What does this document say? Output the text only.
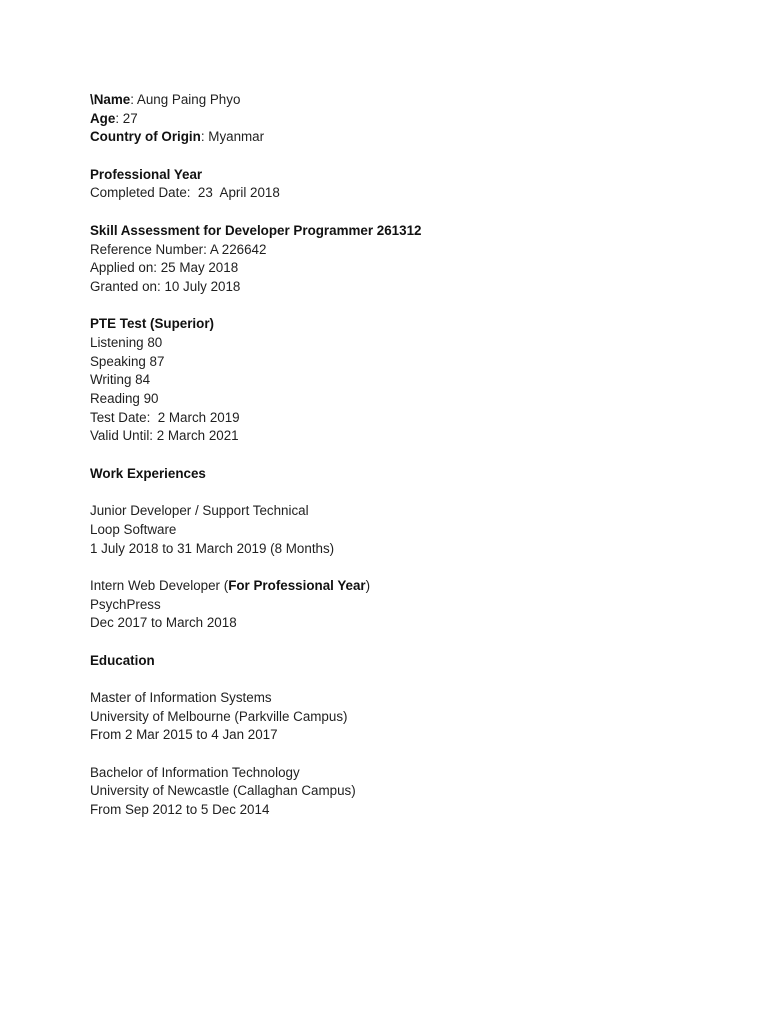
\Name: Aung Paing Phyo
Age: 27
Country of Origin: Myanmar
Professional Year
Completed Date:  23  April 2018
Skill Assessment for Developer Programmer 261312
Reference Number: A 226642
Applied on: 25 May 2018
Granted on: 10 July 2018
PTE Test (Superior)
Listening 80
Speaking 87
Writing 84
Reading 90
Test Date:  2 March 2019
Valid Until: 2 March 2021
Work Experiences
Junior Developer / Support Technical
Loop Software
1 July 2018 to 31 March 2019 (8 Months)
Intern Web Developer (For Professional Year)
PsychPress
Dec 2017 to March 2018
Education
Master of Information Systems
University of Melbourne (Parkville Campus)
From 2 Mar 2015 to 4 Jan 2017
Bachelor of Information Technology
University of Newcastle (Callaghan Campus)
From Sep 2012 to 5 Dec 2014
